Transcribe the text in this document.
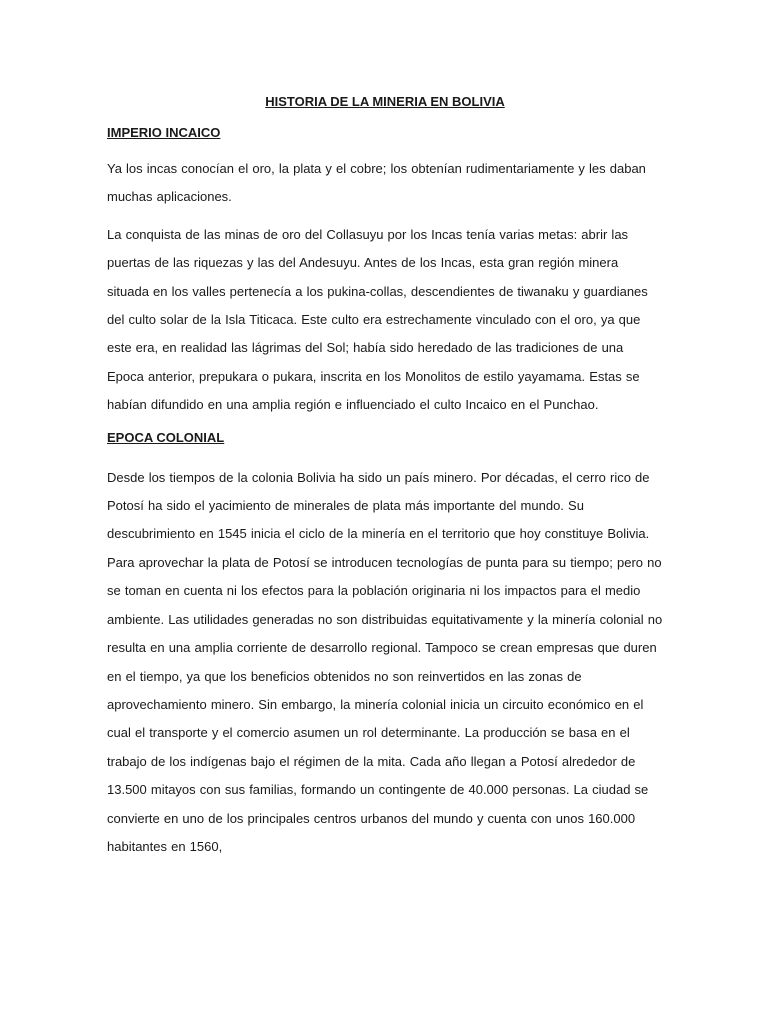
HISTORIA DE LA MINERIA EN BOLIVIA

IMPERIO INCAICO

Ya los incas conocían el oro, la plata y el cobre; los obtenían rudimentariamente y les daban muchas aplicaciones.

La conquista de las minas de oro del Collasuyu por los Incas tenía varias metas: abrir las puertas de las riquezas y las del Andesuyu. Antes de los Incas, esta gran región minera situada en los valles pertenecía a los pukina-collas, descendientes de tiwanaku y guardianes del culto solar de la Isla Titicaca. Este culto era estrechamente vinculado con el oro, ya que este era, en realidad las lágrimas del Sol; había sido heredado de las tradiciones de una Epoca anterior, prepukara o pukara, inscrita en los Monolitos de estilo yayamama. Estas se habían difundido en una amplia región e influenciado el culto Incaico en el Punchao.

EPOCA COLONIAL

Desde los tiempos de la colonia Bolivia ha sido un país minero. Por décadas, el cerro rico de Potosí ha sido el yacimiento de minerales de plata más importante del mundo. Su descubrimiento en 1545 inicia el ciclo de la minería en el territorio que hoy constituye Bolivia. Para aprovechar la plata de Potosí se introducen tecnologías de punta para su tiempo; pero no se toman en cuenta ni los efectos para la población originaria ni los impactos para el medio ambiente. Las utilidades generadas no son distribuidas equitativamente y la minería colonial no resulta en una amplia corriente de desarrollo regional. Tampoco se crean empresas que duren en el tiempo, ya que los beneficios obtenidos no son reinvertidos en las zonas de aprovechamiento minero. Sin embargo, la minería colonial inicia un circuito económico en el cual el transporte y el comercio asumen un rol determinante. La producción se basa en el trabajo de los indígenas bajo el régimen de la mita. Cada año llegan a Potosí alrededor de 13.500 mitayos con sus familias, formando un contingente de 40.000 personas. La ciudad se convierte en uno de los principales centros urbanos del mundo y cuenta con unos 160.000 habitantes en 1560,
